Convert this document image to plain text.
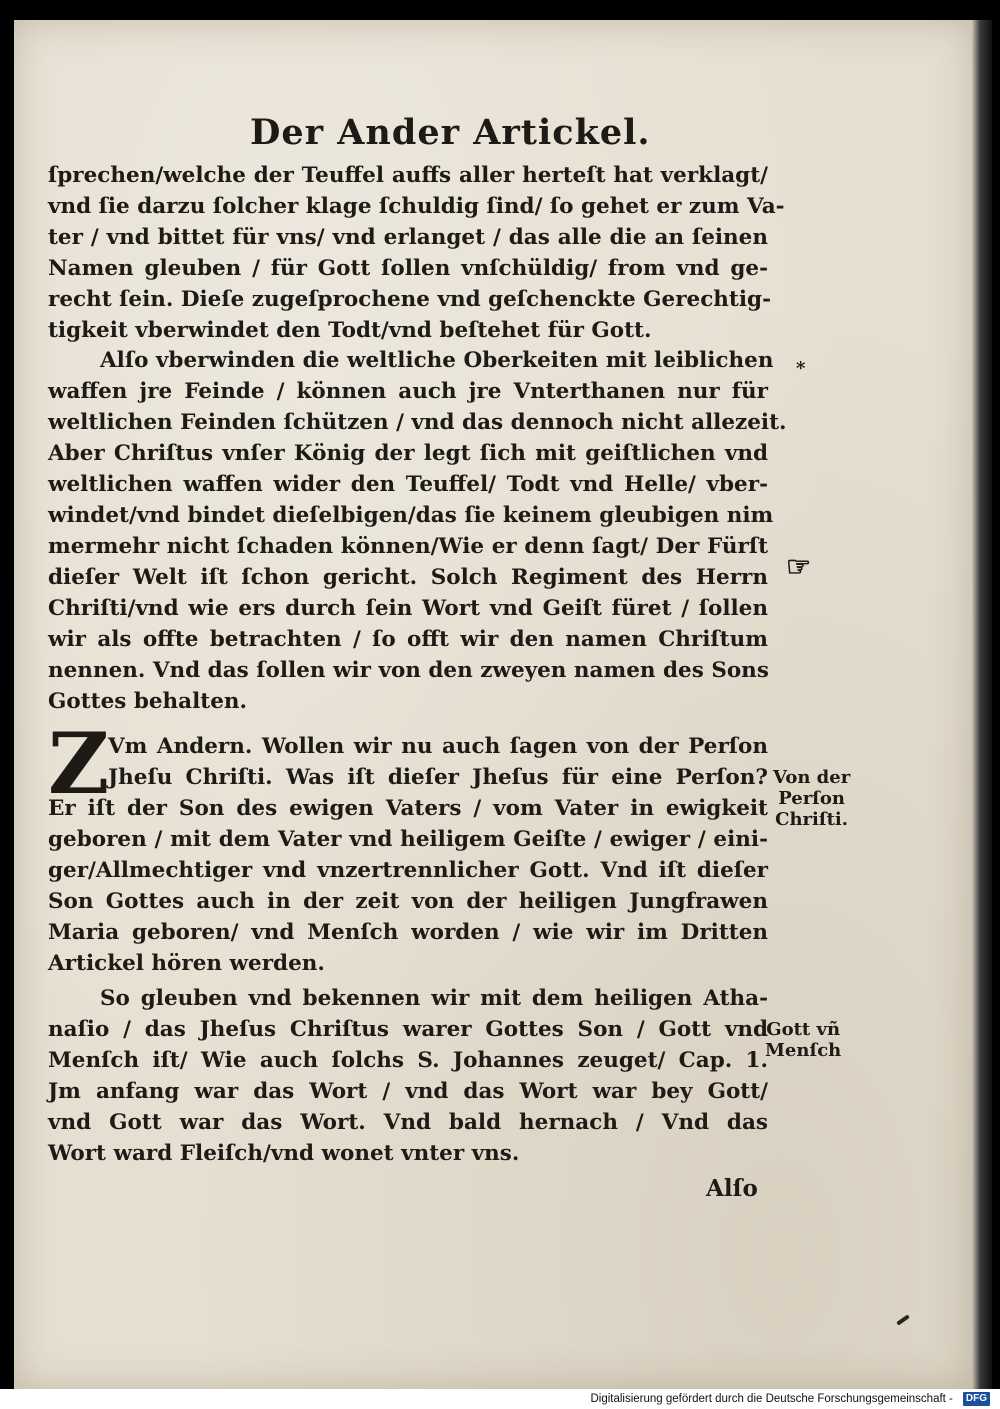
Der Ander Artickel.
ſprechen/welche der Teuffel auffs aller herteſt hat verklagt/
vnd ſie darzu ſolcher klage ſchuldig ſind/ ſo gehet er zum Va-
ter / vnd bittet für vns/ vnd erlanget / das alle die an ſeinen
Namen gleuben / für Gott ſollen vnſchüldig/ from vnd ge-
recht ſein. Dieſe zugeſprochene vnd geſchenckte Gerechtig-
tigkeit vberwindet den Todt/vnd beſtehet für Gott.
Alſo vberwinden die weltliche Oberkeiten mit leiblichen
waffen jre Feinde / können auch jre Vnterthanen nur für
weltlichen Feinden ſchützen / vnd das dennoch nicht allezeit.
Aber Chriſtus vnſer König der legt ſich mit geiſtlichen vnd
weltlichen waffen wider den Teuffel/ Todt vnd Helle/ vber-
windet/vnd bindet dieſelbigen/das ſie keinem gleubigen nim
mermehr nicht ſchaden können/Wie er denn ſagt/ Der Fürſt
dieſer Welt iſt ſchon gericht. Solch Regiment des Herrn
Chriſti/vnd wie ers durch ſein Wort vnd Geiſt füret / ſollen
wir als offte betrachten / ſo offt wir den namen Chriſtum
nennen. Vnd das ſollen wir von den zweyen namen des Sons
Gottes behalten.
Z
Vm Andern. Wollen wir nu auch ſagen von der Perſon
Jheſu Chriſti. Was iſt dieſer Jheſus für eine Perſon?
Er iſt der Son des ewigen Vaters / vom Vater in ewigkeit
geboren / mit dem Vater vnd heiligem Geiſte / ewiger / eini-
ger/Allmechtiger vnd vnzertrennlicher Gott. Vnd iſt dieſer
Son Gottes auch in der zeit von der heiligen Jungfrawen
Maria geboren/ vnd Menſch worden / wie wir im Dritten
Artickel hören werden.
So gleuben vnd bekennen wir mit dem heiligen Atha-
naſio / das Jheſus Chriſtus warer Gottes Son / Gott vnd
Menſch iſt/ Wie auch ſolchs S. Johannes zeuget/ Cap. 1.
Jm anfang war das Wort / vnd das Wort war bey Gott/
vnd Gott war das Wort. Vnd bald hernach / Vnd das
Wort ward Fleiſch/vnd wonet vnter vns.
*
☞
Von der
Perſon
Chriſti.
Gott vñ
Menſch
Alſo
Digitalisierung gefördert durch die Deutsche Forschungsgemeinschaft -	DFG
